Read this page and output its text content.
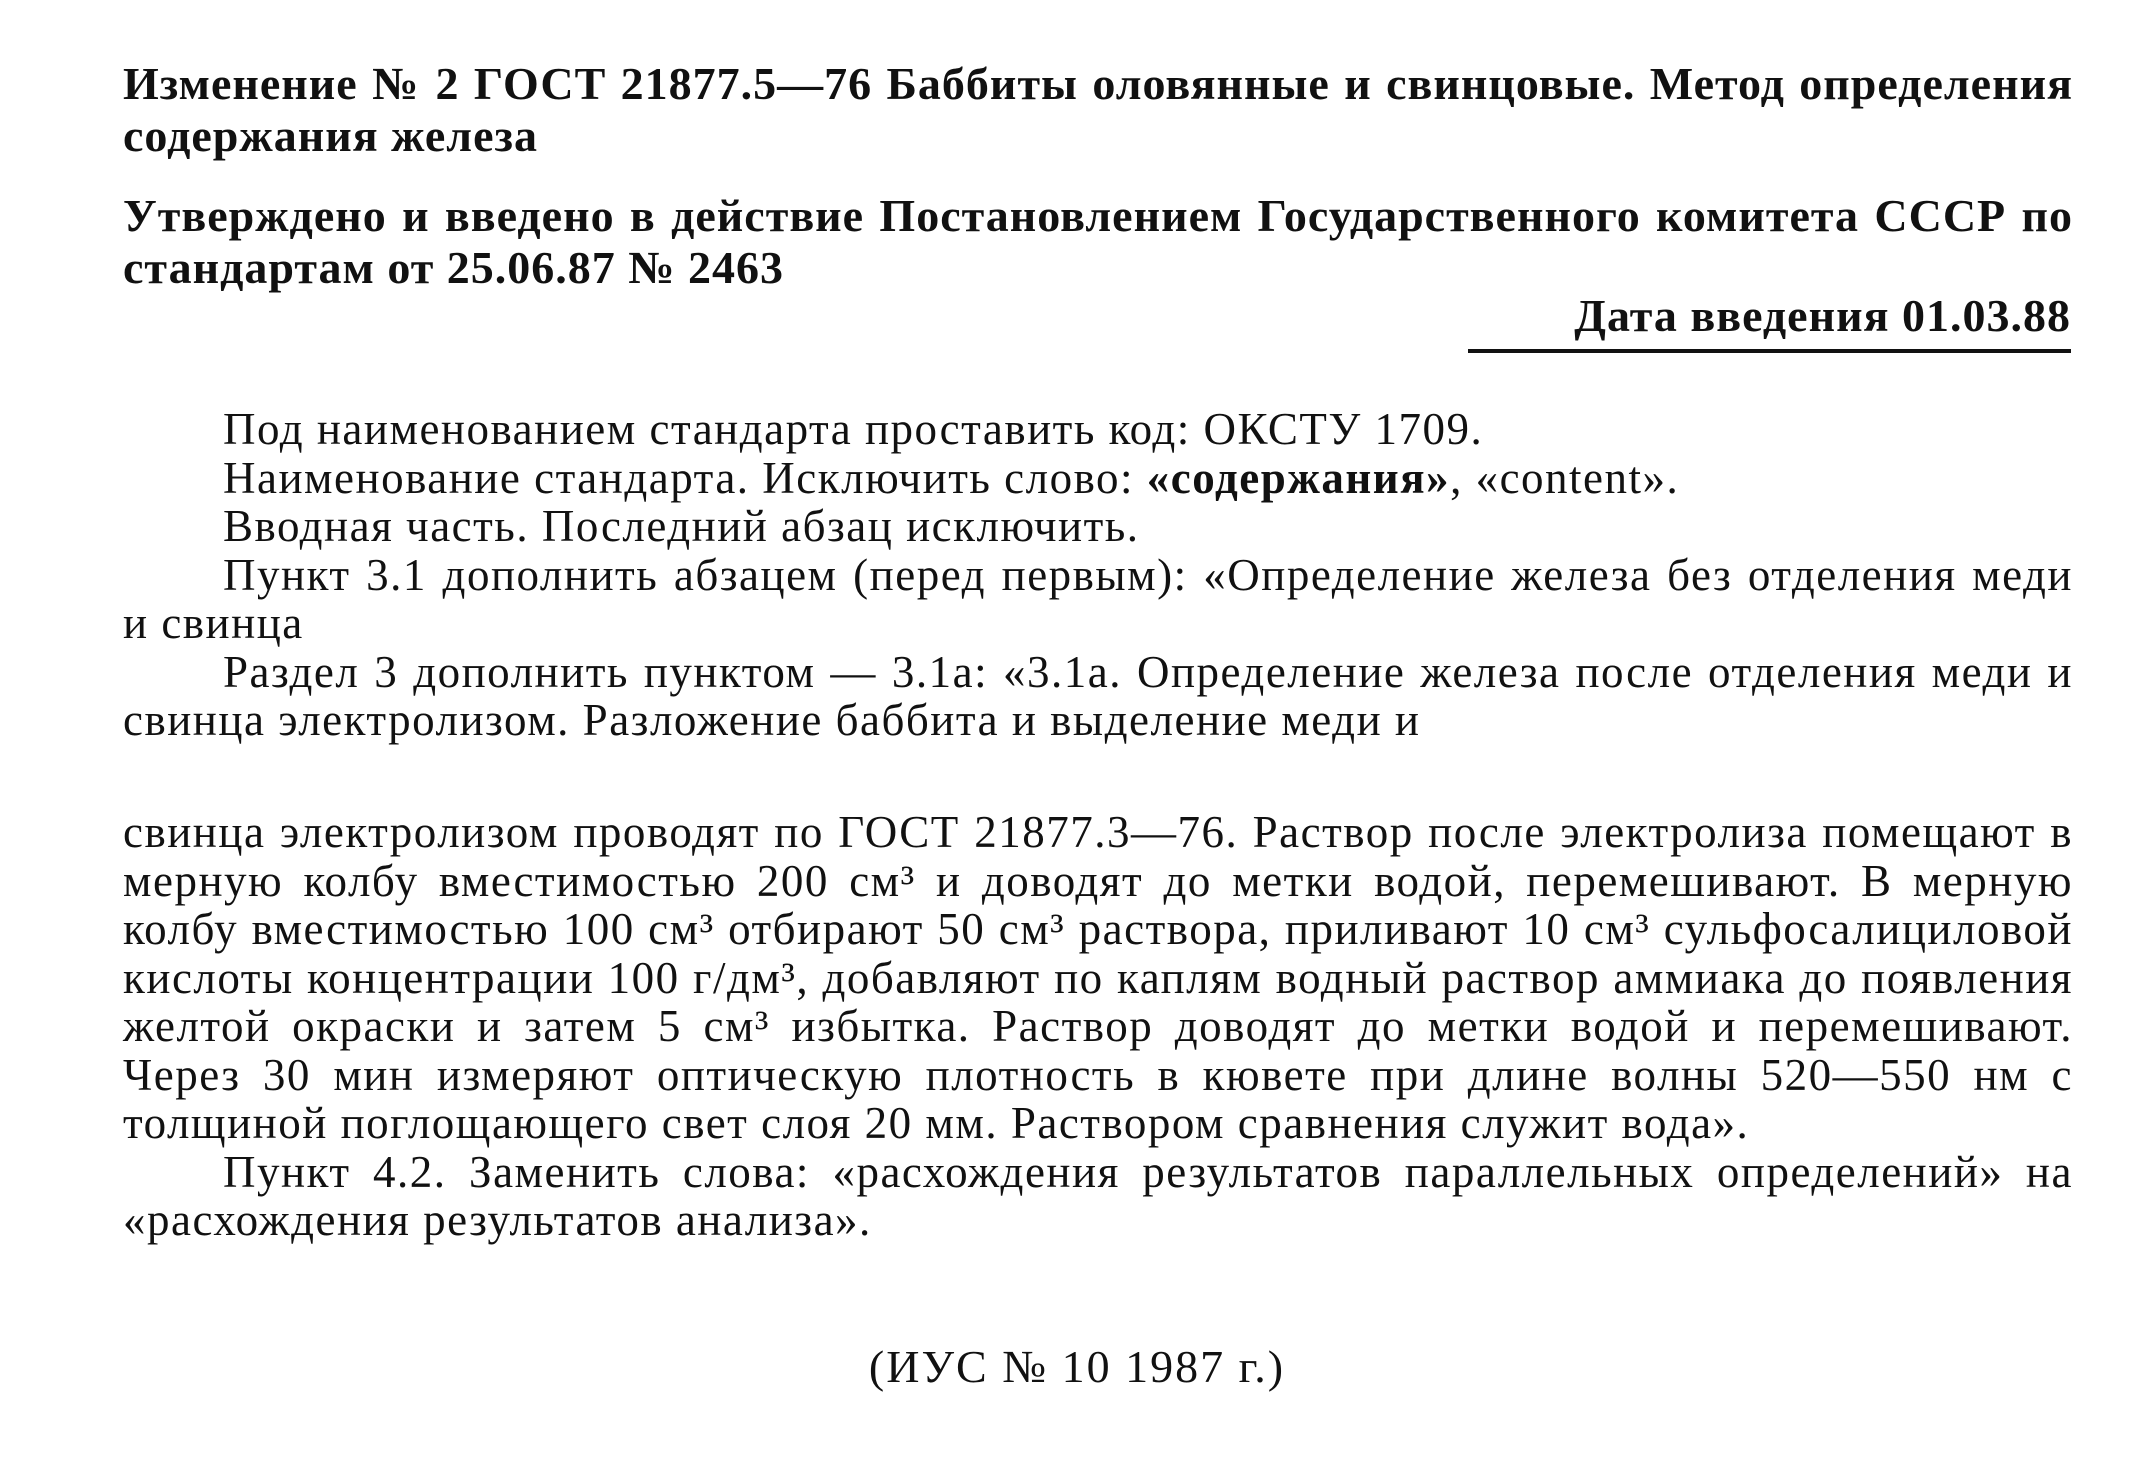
Изменение № 2 ГОСТ 21877.5—76 Баббиты оловянные и свинцовые. Метод определения содержания железа

Утверждено и введено в действие Постановлением Государственного комитета СССР по стандартам от 25.06.87 № 2463

Дата введения 01.03.88

Под наименованием стандарта проставить код: ОКСТУ 1709.

Наименование стандарта. Исключить слово: «содержания», «content».

Вводная часть. Последний абзац исключить.

Пункт 3.1 дополнить абзацем (перед первым): «Определение железа без отделения меди и свинца

Раздел 3 дополнить пунктом — 3.1а: «3.1а. Определение железа после отделения меди и свинца электролизом. Разложение баббита и выделение меди и

свинца электролизом проводят по ГОСТ 21877.3—76. Раствор после электролиза помещают в мерную колбу вместимостью 200 см³ и доводят до метки водой, перемешивают. В мерную колбу вместимостью 100 см³ отбирают 50 см³ раствора, приливают 10 см³ сульфосалициловой кислоты концентрации 100 г/дм³, добавляют по каплям водный раствор аммиака до появления желтой окраски и затем 5 см³ избытка. Раствор доводят до метки водой и перемешивают. Через 30 мин измеряют оптическую плотность в кювете при длине волны 520—550 нм с толщиной поглощающего свет слоя 20 мм. Раствором сравнения служит вода».

Пункт 4.2. Заменить слова: «расхождения результатов параллельных определений» на «расхождения результатов анализа».

(ИУС № 10 1987 г.)
